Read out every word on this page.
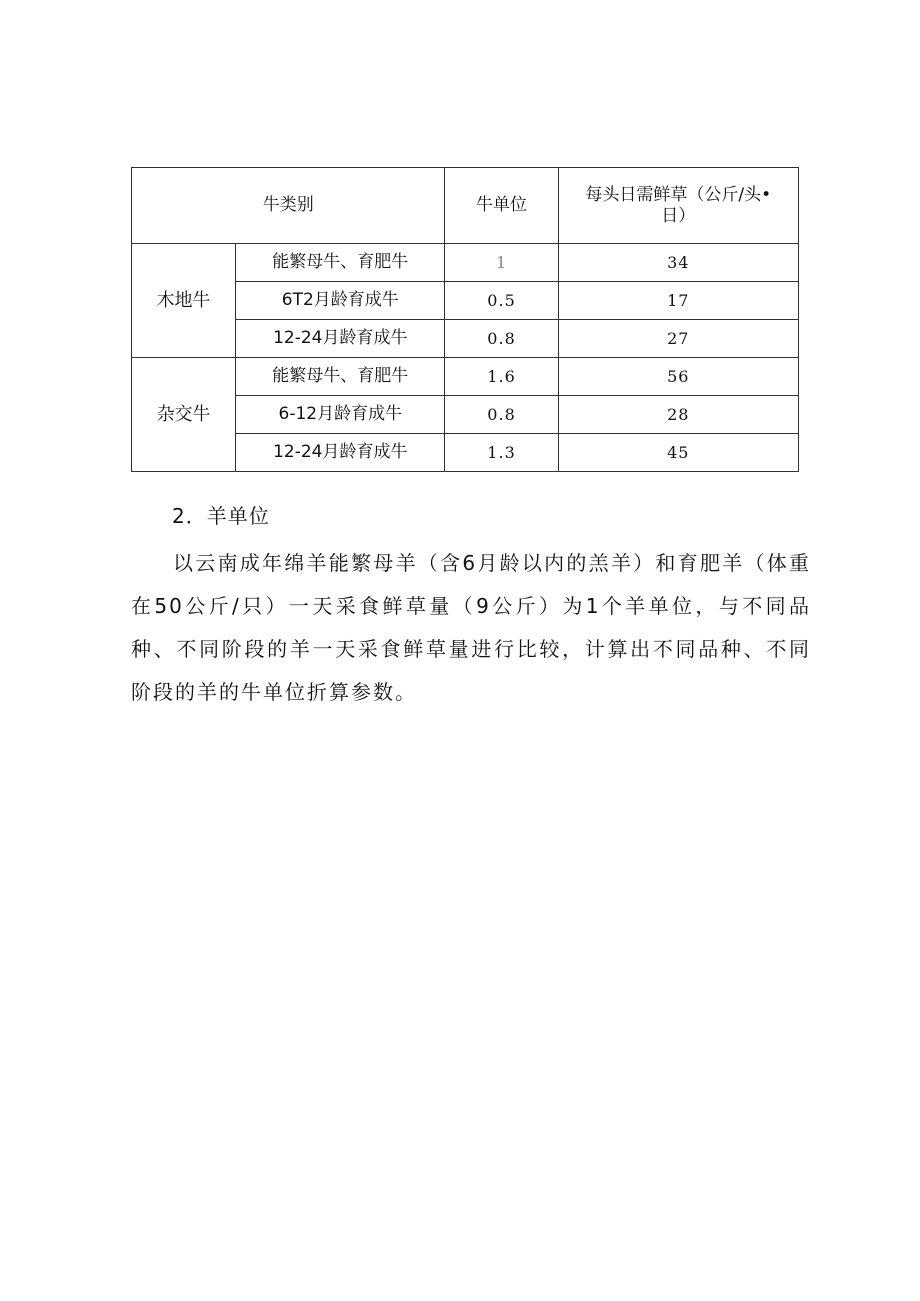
牛类别		牛单位	每头日需鲜草（公斤/头•
日）

木地牛	能繁母牛、育肥牛	1	34
	6T2月龄育成牛	0.5	17
	12-24月龄育成牛	0.8	27
杂交牛	能繁母牛、育肥牛	1.6	56
	6-12月龄育成牛	0.8	28
	12-24月龄育成牛	1.3	45
2．羊单位

以云南成年绵羊能繁母羊（含6月龄以内的羔羊）和育肥羊（体重在50公斤/只）一天采食鲜草量（9公斤）为1个羊单位，与不同品种、不同阶段的羊一天采食鲜草量进行比较，计算出不同品种、不同阶段的羊的牛单位折算参数。
